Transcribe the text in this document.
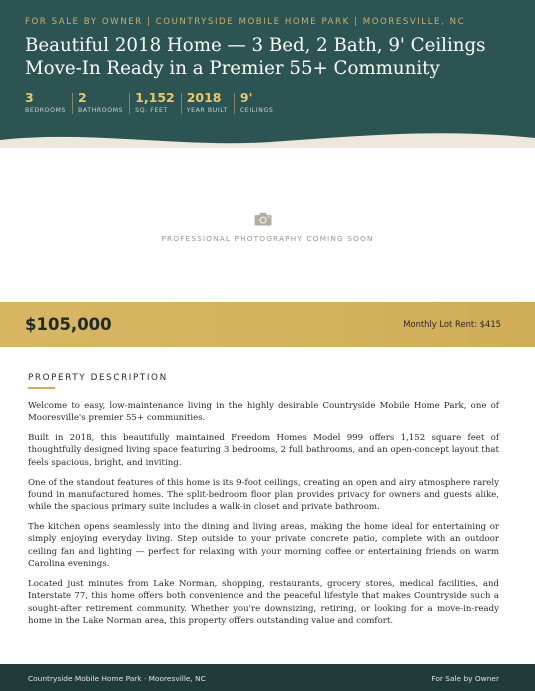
FOR SALE BY OWNER | COUNTRYSIDE MOBILE HOME PARK | MOORESVILLE, NC
Beautiful 2018 Home — 3 Bed, 2 Bath, 9' Ceilings
Move-In Ready in a Premier 55+ Community
3
BEDROOMS
2
BATHROOMS
1,152
SQ. FEET
2018
YEAR BUILT
9'
CEILINGS
PROFESSIONAL PHOTOGRAPHY COMING SOON
$105,000	Monthly Lot Rent: $415
PROPERTY DESCRIPTION

Welcome to easy, low-maintenance living in the highly desirable Countryside Mobile Home Park, one of Mooresville's premier 55+ communities.

Built in 2018, this beautifully maintained Freedom Homes Model 999 offers 1,152 square feet of thoughtfully designed living space featuring 3 bedrooms, 2 full bathrooms, and an open-concept layout that feels spacious, bright, and inviting.

One of the standout features of this home is its 9-foot ceilings, creating an open and airy atmosphere rarely found in manufactured homes. The split-bedroom floor plan provides privacy for owners and guests alike, while the spacious primary suite includes a walk-in closet and private bathroom.

The kitchen opens seamlessly into the dining and living areas, making the home ideal for entertaining or simply enjoying everyday living. Step outside to your private concrete patio, complete with an outdoor ceiling fan and lighting — perfect for relaxing with your morning coffee or entertaining friends on warm Carolina evenings.

Located just minutes from Lake Norman, shopping, restaurants, grocery stores, medical facilities, and Interstate 77, this home offers both convenience and the peaceful lifestyle that makes Countryside such a sought-after retirement community. Whether you're downsizing, retiring, or looking for a move-in-ready home in the Lake Norman area, this property offers outstanding value and comfort.

Countryside Mobile Home Park · Mooresville, NC	For Sale by Owner
